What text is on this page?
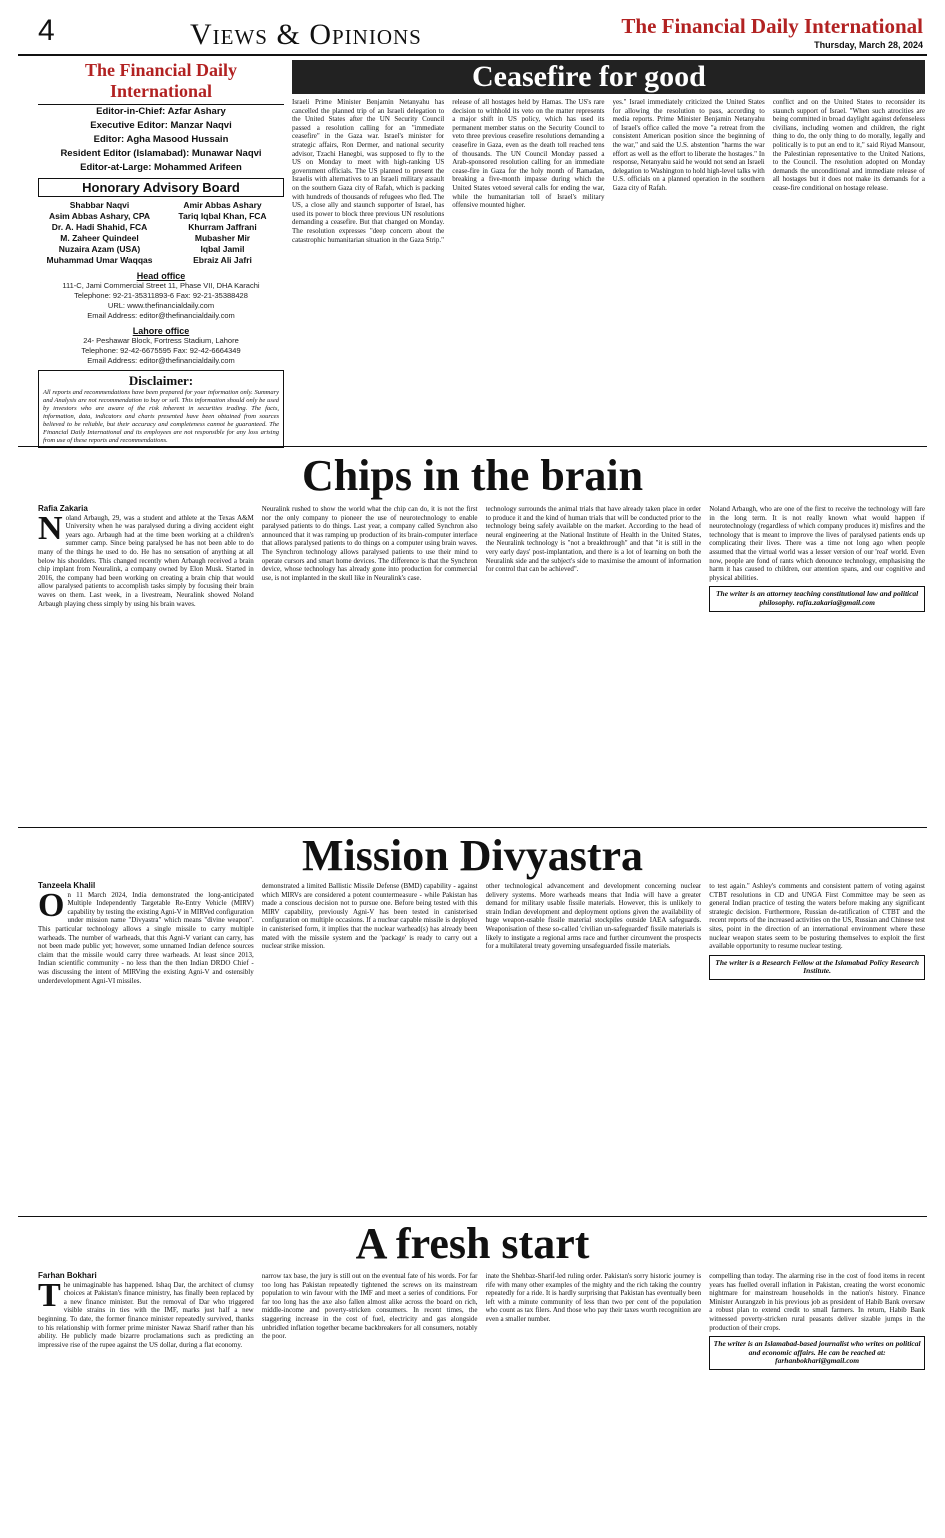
4	Views & Opinions	The Financial Daily International
Thursday, March 28, 2024
The Financial Daily International
Editor-in-Chief: Azfar Ashary
Executive Editor: Manzar Naqvi
Editor: Agha Masood Hussain
Resident Editor (Islamabad): Munawar Naqvi
Editor-at-Large: Mohammed Arifeen
Honorary Advisory Board
Shabbar Naqvi
Asim Abbas Ashary, CPA
Dr. A. Hadi Shahid, FCA
M. Zaheer Quindeel
Nuzaira Azam (USA)
Muhammad Umar Waqqas
Amir Abbas Ashary
Tariq Iqbal Khan, FCA
Khurram Jaffrani
Mubasher Mir
Iqbal Jamil
Ebraiz Ali Jafri
Head office
111-C, Jami Commercial Street 11, Phase VII, DHA Karachi
Telephone: 92-21-35311893-6 Fax: 92-21-35388428
URL: www.thefinancialdaily.com
Email Address: editor@thefinancialdaily.com
Lahore office
24- Peshawar Block, Fortress Stadium, Lahore
Telephone: 92-42-6675595 Fax: 92-42-6664349
Email Address: editor@thefinancialdaily.com
Disclaimer:
All reports and recommendations have been prepared for your information only. Summary and Analysis are not recommendation to buy or sell. This information should only be used by investors who are aware of the risk inherent in securities trading. The facts, information, data, indicators and charts presented have been obtained from sources believed to be reliable, but their accuracy and completeness cannot be guaranteed. The Financial Daily International and its employees are not responsible for any loss arising from use of these reports and recommendations.
Ceasefire for good

Israeli Prime Minister Benjamin Netanyahu has cancelled the planned trip of an Israeli delegation to the United States after the UN Security Council passed a resolution calling for an "immediate ceasefire" in the Gaza war. Israel's minister for strategic affairs, Ron Dermer, and national security advisor, Tzachi Hanegbi, was supposed to fly to the US on Monday to meet with high-ranking US government officials. The US planned to present the Israelis with alternatives to an Israeli military assault on the southern Gaza city of Rafah, which is packing with hundreds of thousands of refugees who fled. The US, a close ally and staunch supporter of Israel, has used its power to block three previous UN resolutions demanding a ceasefire. But that changed on Monday. The resolution expresses "deep concern about the catastrophic humanitarian situation in the Gaza Strip."

release of all hostages held by Hamas. The US's rare decision to withhold its veto on the matter represents a major shift in US policy, which has used its permanent member status on the Security Council to veto three previous ceasefire resolutions demanding a ceasefire in Gaza, even as the death toll reached tens of thousands. The UN Council Monday passed a Arab-sponsored resolution calling for an immediate cease-fire in Gaza for the holy month of Ramadan, breaking a five-month impasse during which the United States vetoed several calls for ending the war, while the humanitarian toll of Israel's military offensive mounted higher.

yes." Israel immediately criticized the United States for allowing the resolution to pass, according to media reports. Prime Minister Benjamin Netanyahu of Israel's office called the move "a retreat from the consistent American position since the beginning of the war," and said the U.S. abstention "harms the war effort as well as the effort to liberate the hostages." In response, Netanyahu said he would not send an Israeli delegation to Washington to hold high-level talks with U.S. officials on a planned operation in the southern Gaza city of Rafah.

conflict and on the United States to reconsider its staunch support of Israel. "When such atrocities are being committed in broad daylight against defenseless civilians, including women and children, the right thing to do, the only thing to do morally, legally and politically is to put an end to it," said Riyad Mansour, the Palestinian representative to the United Nations, to the Council. The resolution adopted on Monday demands the unconditional and immediate release of all hostages but it does not make its demands for a cease-fire conditional on hostage release.

Chips in the brain
Rafia Zakaria
N oland Arbaugh, 29, was a student and athlete at the Texas A&M University when he was paralysed during a diving accident eight years ago. Arbaugh had at the time been working at a children's summer camp. Since being paralysed he has not been able to do many of the things he used to do. He has no sensation of anything at all below his shoulders. This changed recently when Arbaugh received a brain chip implant from Neuralink, a company owned by Elon Musk. Started in 2016, the company had been working on creating a brain chip that would allow paralysed patients to accomplish tasks simply by focusing their brain waves on them. Last week, in a livestream, Neuralink showed Noland Arbaugh playing chess simply by using his brain waves.

Neuralink rushed to show the world what the chip can do, it is not the first nor the only company to pioneer the use of neurotechnology to enable paralysed patients to do things. Last year, a company called Synchron also announced that it was ramping up production of its brain-computer interface that allows paralysed patients to do things on a computer using brain waves. The Synchron technology allows paralysed patients to use their mind to operate cursors and smart home devices. The difference is that the Synchron device, whose technology has already gone into production for commercial use, is not implanted in the skull like in Neuralink's case.

technology surrounds the animal trials that have already taken place in order to produce it and the kind of human trials that will be conducted prior to the technology being safely available on the market. According to the head of neural engineering at the National Institute of Health in the United States, the Neuralink technology is "not a breakthrough" and that "it is still in the very early days' post-implantation, and there is a lot of learning on both the Neuralink side and the subject's side to maximise the amount of information for control that can be achieved".

Noland Arbaugh, who are one of the first to receive the technology will fare in the long term. It is not really known what would happen if neurotechnology (regardless of which company produces it) misfires and the technology that is meant to improve the lives of paralysed patients ends up complicating their lives. There was a time not long ago when people assumed that the virtual world was a lesser version of our 'real' world. Even now, people are fond of rants which denounce technology, emphasising the harm it has caused to children, our attention spans, and our cognitive and physical abilities.

The writer is an attorney teaching constitutional law and political philosophy. rafia.zakaria@gmail.com
Mission Divyastra
Tanzeela Khalil
O n 11 March 2024, India demonstrated the long-anticipated Multiple Independently Targetable Re-Entry Vehicle (MIRV) capability by testing the existing Agni-V in MIRVed configuration under mission name "Divyastra" which means "divine weapon". This particular technology allows a single missile to carry multiple warheads. The number of warheads, that this Agni-V variant can carry, has not been made public yet; however, some unnamed Indian defence sources claim that the missile would carry three warheads. At least since 2013, Indian scientific community - no less than the then Indian DRDO Chief - was discussing the intent of MIRVing the existing Agni-V and ostensibly underdevelopment Agni-VI missiles.

demonstrated a limited Ballistic Missile Defense (BMD) capability - against which MIRVs are considered a potent countermeasure - while Pakistan has made a conscious decision not to pursue one. Before being tested with this MIRV capability, previously Agni-V has been tested in canisterised configuration on multiple occasions. If a nuclear capable missile is deployed in canisterised form, it implies that the nuclear warhead(s) has already been mated with the missile system and the 'package' is ready to carry out a nuclear strike mission.

other technological advancement and development concerning nuclear delivery systems. More warheads means that India will have a greater demand for military usable fissile materials. However, this is unlikely to strain Indian development and deployment options given the availability of huge weapon-usable fissile material stockpiles outside IAEA safeguards. Weaponisation of these so-called 'civilian un-safeguarded' fissile materials is likely to instigate a regional arms race and further circumvent the prospects for a multilateral treaty governing unsafeguarded fissile materials.

to test again." Ashley's comments and consistent pattern of voting against CTBT resolutions in CD and UNGA First Committee may be seen as general Indian practice of testing the waters before making any significant strategic decision. Furthermore, Russian de-ratification of CTBT and the recent reports of the increased activities on the US, Russian and Chinese test sites, point in the direction of an international environment where these nuclear weapon states seem to be posturing themselves to exploit the first available opportunity to resume nuclear testing.

The writer is a Research Fellow at the Islamabad Policy Research Institute.
A fresh start
Farhan Bokhari
T he unimaginable has happened. Ishaq Dar, the architect of clumsy choices at Pakistan's finance ministry, has finally been replaced by a new finance minister. But the removal of Dar who triggered visible strains in ties with the IMF, marks just half a new beginning. To date, the former finance minister repeatedly survived, thanks to his relationship with former prime minister Nawaz Sharif rather than his ability. He publicly made bizarre proclamations such as predicting an impressive rise of the rupee against the US dollar, during a flat economy.

narrow tax base, the jury is still out on the eventual fate of his words. For far too long has Pakistan repeatedly tightened the screws on its mainstream population to win favour with the IMF and meet a series of conditions. For far too long has the axe also fallen almost alike across the board on rich, middle-income and poverty-stricken consumers. In recent times, the staggering increase in the cost of fuel, electricity and gas alongside unbridled inflation together became backbreakers for all consumers, notably the poor.

inate the Shehbaz-Sharif-led ruling order. Pakistan's sorry historic journey is rife with many other examples of the mighty and the rich taking the country repeatedly for a ride. It is hardly surprising that Pakistan has eventually been left with a minute community of less than two per cent of the population who count as tax filers. And those who pay their taxes worth recognition are even a smaller number.

compelling than today. The alarming rise in the cost of food items in recent years has fuelled overall inflation in Pakistan, creating the worst economic nightmare for mainstream households in the nation's history. Finance Minister Aurangzeb in his previous job as president of Habib Bank oversaw a robust plan to extend credit to small farmers. In return, Habib Bank witnessed poverty-stricken rural peasants deliver sizable jumps in the production of their crops.

The writer is an Islamabad-based journalist who writes on political and economic affairs. He can be reached at: farhanbokhari@gmail.com
